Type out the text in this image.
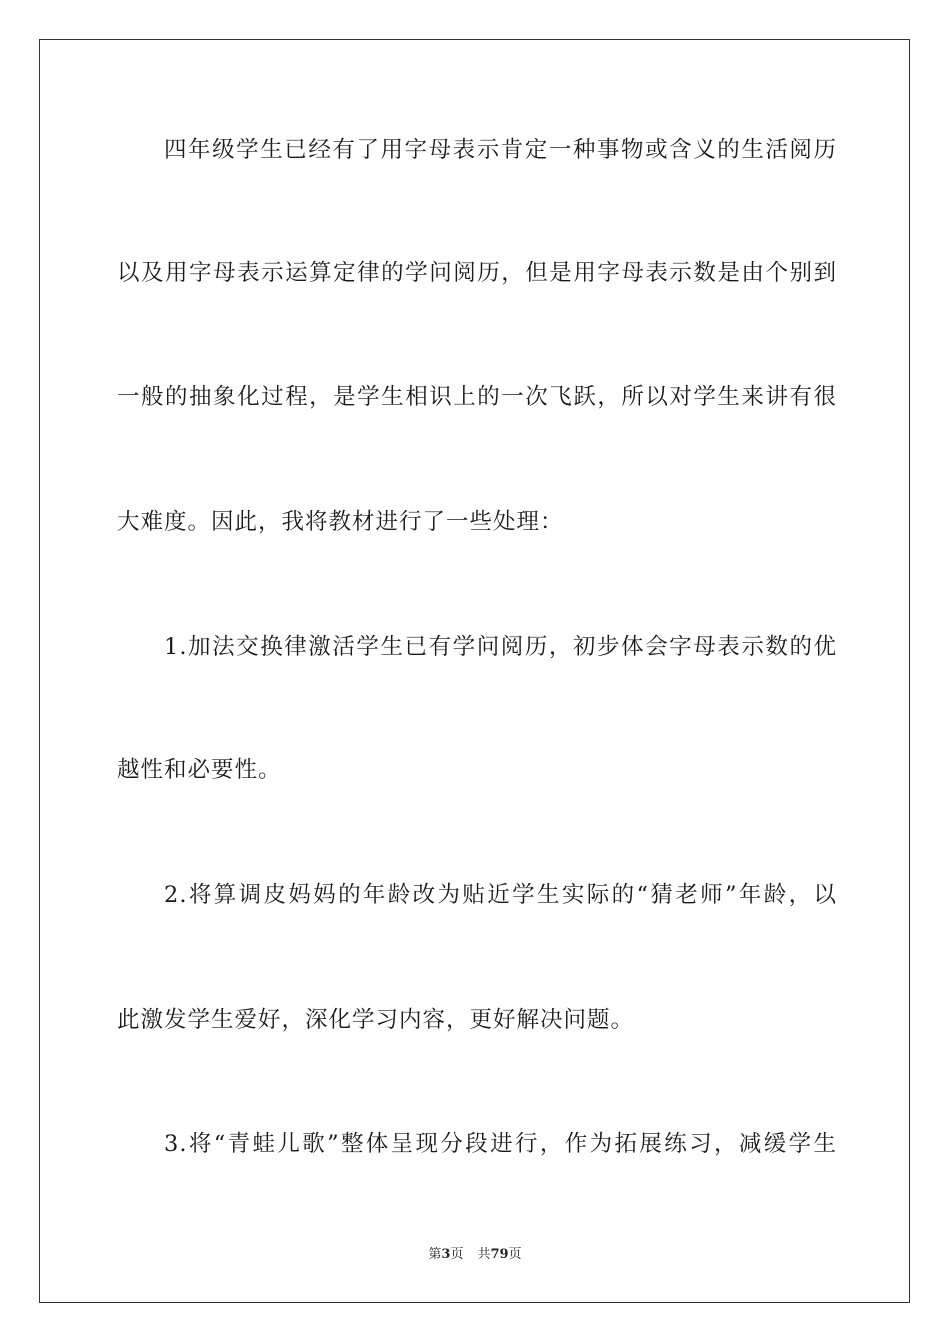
四年级学生已经有了用字母表示肯定一种事物或含义的生活阅历
以及用字母表示运算定律的学问阅历，但是用字母表示数是由个别到
一般的抽象化过程，是学生相识上的一次飞跃，所以对学生来讲有很
大难度。因此，我将教材进行了一些处理：
1.加法交换律激活学生已有学问阅历，初步体会字母表示数的优
越性和必要性。
2.将算调皮妈妈的年龄改为贴近学生实际的“猜老师”年龄，以
此激发学生爱好，深化学习内容，更好解决问题。
3.将“青蛙儿歌”整体呈现分段进行，作为拓展练习，减缓学生
第3页 共79页
